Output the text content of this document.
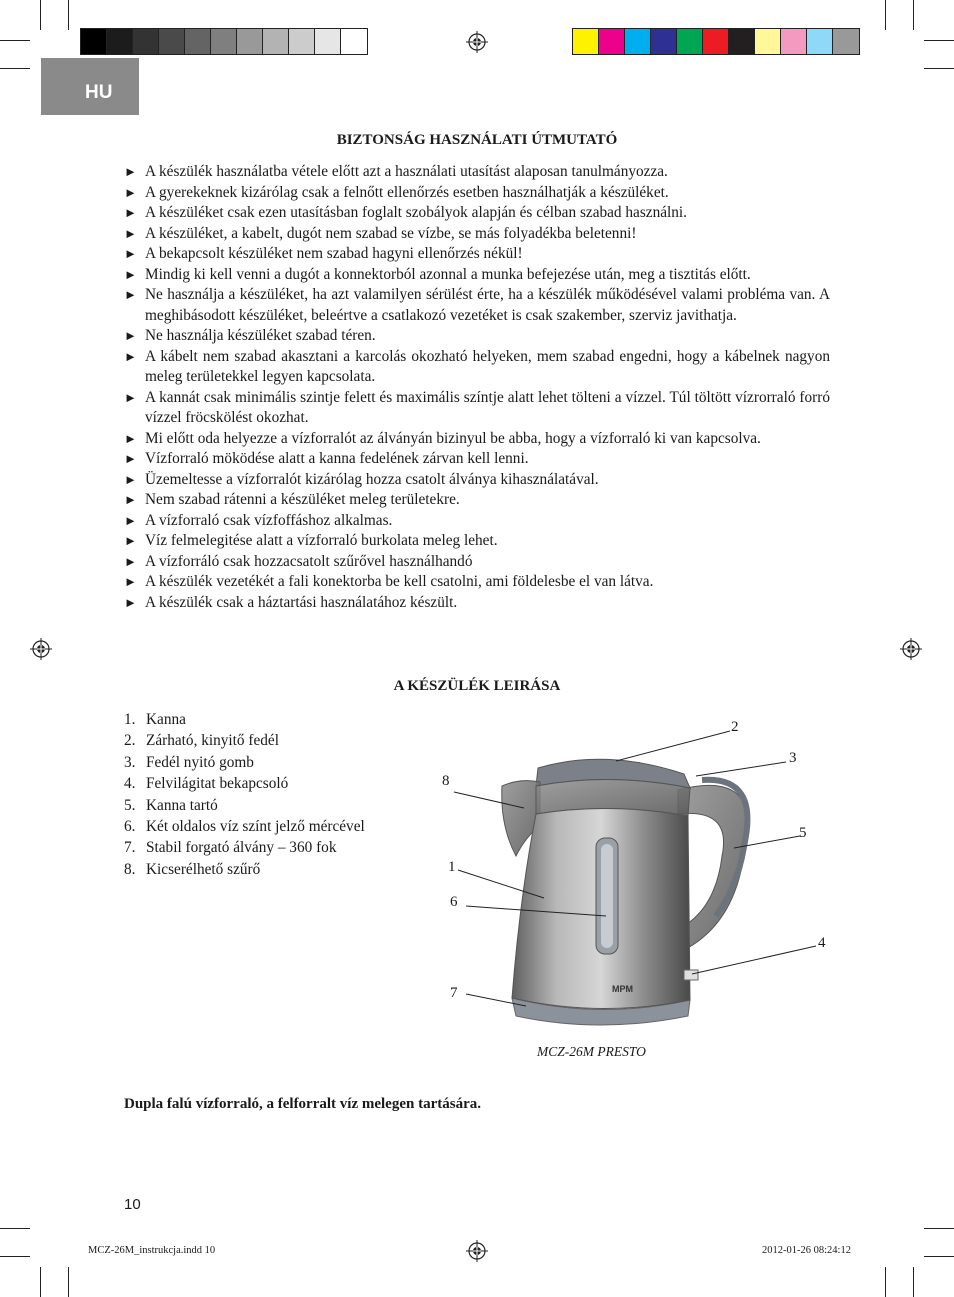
HU
BIZTONSÁG HASZNÁLATI ÚTMUTATÓ
► A készülék használatba vétele előtt azt a használati utasítást alaposan tanulmányozza.
► A gyerekeknek kizárólag csak a felnőtt ellenőrzés esetben használhatják a készüléket.
► A készüléket csak ezen utasításban foglalt szobályok alapján és célban szabad használni.
► A készüléket, a kabelt, dugót nem szabad se vízbe, se más folyadékba beletenni!
► A bekapcsolt készüléket nem szabad hagyni ellenőrzés nékül!
► Mindig ki kell venni a dugót a konnektorból azonnal a munka befejezése után, meg a tisztitás előtt.
► Ne használja a készüléket, ha azt valamilyen sérülést érte, ha a készülék működésével valami probléma van. A meghibásodott készüléket, beleértve a csatlakozó vezetéket is csak szakember, szerviz javithatja.
► Ne használja készüléket szabad téren.
► A kábelt nem szabad akasztani a karcolás okozható helyeken, mem szabad engedni, hogy a kábelnek nagyon meleg területekkel legyen kapcsolata.
► A kannát csak minimális szintje felett és maximális színtje alatt lehet tölteni a vízzel. Túl töltött vízrorraló forró vízzel fröcskölést okozhat.
► Mi előtt oda helyezze a vízforralót az álványán bizinyul be abba, hogy a vízforraló ki van kapcsolva.
► Vízforraló möködése alatt a kanna fedelének zárvan kell lenni.
► Üzemeltesse a vízforralót kizárólag hozza csatolt álványa kihasználatával.
► Nem szabad rátenni a készüléket meleg területekre.
► A vízforraló csak vízfoffáshoz alkalmas.
► Víz felmelegitése alatt a vízforraló burkolata meleg lehet.
► A vízforráló csak hozzacsatolt szűrővel használhandó
► A készülék vezetékét a fali konektorba be kell csatolni, ami földelesbe el van látva.
► A készülék csak a háztartási használatához készült.
A KÉSZÜLÉK LEIRÁSA
1. Kanna
2. Zárható, kinyitő fedél
3. Fedél nyitó gomb
4. Felvilágitat bekapcsoló
5. Kanna tartó
6. Két oldalos víz színt jelző mércével
7. Stabil forgató álvány – 360 fok
8. Kicserélhető szűrő
MPM
1
2
3
4
5
6
7
8
MCZ-26M PRESTO
Dupla falú vízforraló, a felforralt víz melegen tartására.
10
MCZ-26M_instrukcja.indd 10	2012-01-26 08:24:12
